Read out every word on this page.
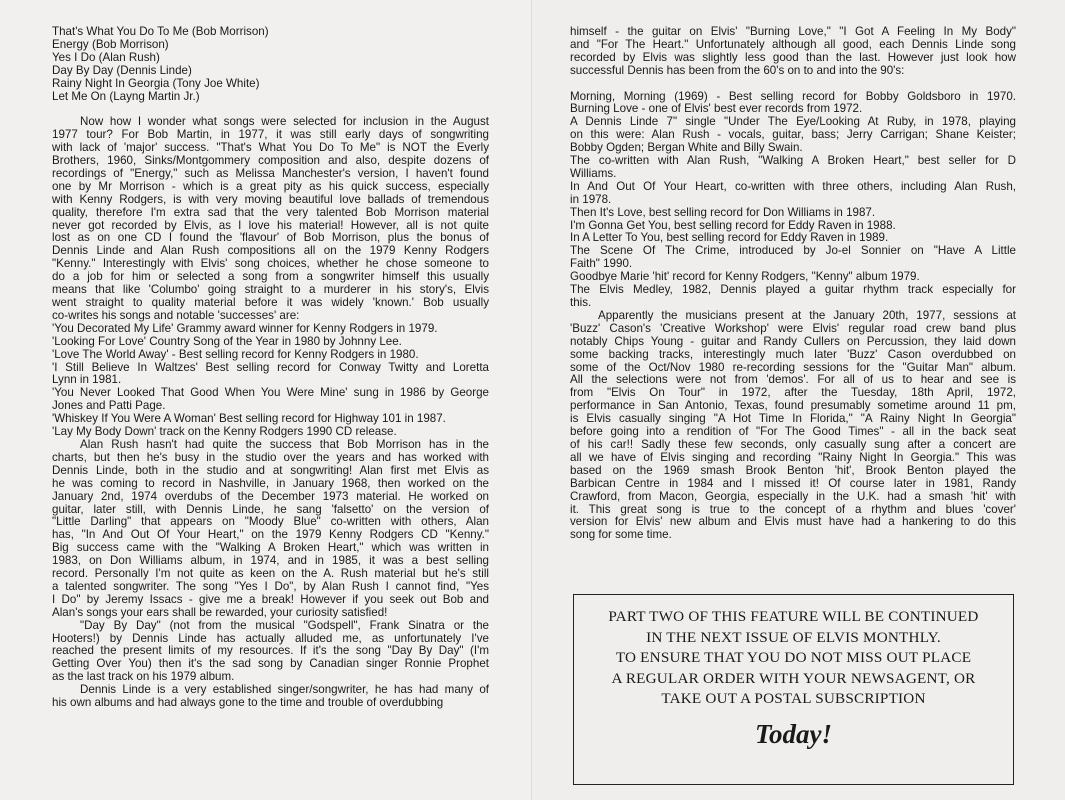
That's What You Do To Me (Bob Morrison)
Energy (Bob Morrison)
Yes I Do (Alan Rush)
Day By Day (Dennis Linde)
Rainy Night In Georgia (Tony Joe White)
Let Me On (Layng Martin Jr.)
Now how I wonder what songs were selected for inclusion in the August
1977 tour? For Bob Martin, in 1977, it was still early days of songwriting
with lack of 'major' success. "That's What You Do To Me" is NOT the Everly
Brothers, 1960, Sinks/Montgommery composition and also, despite dozens of
recordings of "Energy," such as Melissa Manchester's version, I haven't found
one by Mr Morrison - which is a great pity as his quick success, especially
with Kenny Rodgers, is with very moving beautiful love ballads of tremendous
quality, therefore I'm extra sad that the very talented Bob Morrison material
never got recorded by Elvis, as I love his material! However, all is not quite
lost as on one CD I found the 'flavour' of Bob Morrison, plus the bonus of
Dennis Linde and Alan Rush compositions all on the 1979 Kenny Rodgers
"Kenny." Interestingly with Elvis' song choices, whether he chose someone to
do a job for him or selected a song from a songwriter himself this usually
means that like 'Columbo' going straight to a murderer in his story's, Elvis
went straight to quality material before it was widely 'known.' Bob usually
co-writes his songs and notable 'successes' are:
'You Decorated My Life' Grammy award winner for Kenny Rodgers in 1979.
'Looking For Love' Country Song of the Year in 1980 by Johnny Lee.
'Love The World Away' - Best selling record for Kenny Rodgers in 1980.
'I Still Believe In Waltzes' Best selling record for Conway Twitty and Loretta
Lynn in 1981.
'You Never Looked That Good When You Were Mine' sung in 1986 by George
Jones and Patti Page.
'Whiskey If You Were A Woman' Best selling record for Highway 101 in 1987.
'Lay My Body Down' track on the Kenny Rodgers 1990 CD release.
Alan Rush hasn't had quite the success that Bob Morrison has in the
charts, but then he's busy in the studio over the years and has worked with
Dennis Linde, both in the studio and at songwriting! Alan first met Elvis as
he was coming to record in Nashville, in January 1968, then worked on the
January 2nd, 1974 overdubs of the December 1973 material. He worked on
guitar, later still, with Dennis Linde, he sang 'falsetto' on the version of
"Little Darling" that appears on "Moody Blue" co-written with others, Alan
has, "In And Out Of Your Heart," on the 1979 Kenny Rodgers CD "Kenny."
Big success came with the "Walking A Broken Heart," which was written in
1983, on Don Williams album, in 1974, and in 1985, it was a best selling
record. Personally I'm not quite as keen on the A. Rush material but he's still
a talented songwriter. The song "Yes I Do", by Alan Rush I cannot find, "Yes
I Do" by Jeremy Issacs - give me a break! However if you seek out Bob and
Alan's songs your ears shall be rewarded, your curiosity satisfied!
"Day By Day" (not from the musical "Godspell", Frank Sinatra or the
Hooters!) by Dennis Linde has actually alluded me, as unfortunately I've
reached the present limits of my resources. If it's the song "Day By Day" (I'm
Getting Over You) then it's the sad song by Canadian singer Ronnie Prophet
as the last track on his 1979 album.
Dennis Linde is a very established singer/songwriter, he has had many of
his own albums and had always gone to the time and trouble of overdubbing
himself - the guitar on Elvis' "Burning Love," "I Got A Feeling In My Body"
and "For The Heart." Unfortunately although all good, each Dennis Linde song
recorded by Elvis was slightly less good than the last. However just look how
successful Dennis has been from the 60's on to and into the 90's:
Morning, Morning (1969) - Best selling record for Bobby Goldsboro in 1970.
Burning Love - one of Elvis' best ever records from 1972.
A Dennis Linde 7" single "Under The Eye/Looking At Ruby, in 1978, playing
on this were: Alan Rush - vocals, guitar, bass; Jerry Carrigan; Shane Keister;
Bobby Ogden; Bergan White and Billy Swain.
The co-written with Alan Rush, "Walking A Broken Heart," best seller for D
Williams.
In And Out Of Your Heart, co-written with three others, including Alan Rush,
in 1978.
Then It's Love, best selling record for Don Williams in 1987.
I'm Gonna Get You, best selling record for Eddy Raven in 1988.
In A Letter To You, best selling record for Eddy Raven in 1989.
The Scene Of The Crime, introduced by Jo-el Sonnier on "Have A Little
Faith" 1990.
Goodbye Marie 'hit' record for Kenny Rodgers, "Kenny" album 1979.
The Elvis Medley, 1982, Dennis played a guitar rhythm track especially for
this.
Apparently the musicians present at the January 20th, 1977, sessions at
'Buzz' Cason's 'Creative Workshop' were Elvis' regular road crew band plus
notably Chips Young - guitar and Randy Cullers on Percussion, they laid down
some backing tracks, interestingly much later 'Buzz' Cason overdubbed on
some of the Oct/Nov 1980 re-recording sessions for the "Guitar Man" album.
All the selections were not from 'demos'. For all of us to hear and see is
from "Elvis On Tour" in 1972, after the Tuesday, 18th April, 1972,
performance in San Antonio, Texas, found presumably sometime around 11 pm,
is Elvis casually singing "A Hot Time In Florida," "A Rainy Night In Georgia"
before going into a rendition of "For The Good Times" - all in the back seat
of his car!! Sadly these few seconds, only casually sung after a concert are
all we have of Elvis singing and recording "Rainy Night In Georgia." This was
based on the 1969 smash Brook Benton 'hit', Brook Benton played the
Barbican Centre in 1984 and I missed it! Of course later in 1981, Randy
Crawford, from Macon, Georgia, especially in the U.K. had a smash 'hit' with
it. This great song is true to the concept of a rhythm and blues 'cover'
version for Elvis' new album and Elvis must have had a hankering to do this
song for some time.
PART TWO OF THIS FEATURE WILL BE CONTINUED
IN THE NEXT ISSUE OF ELVIS MONTHLY.
TO ENSURE THAT YOU DO NOT MISS OUT PLACE
A REGULAR ORDER WITH YOUR NEWSAGENT, OR
TAKE OUT A POSTAL SUBSCRIPTION
Today!
